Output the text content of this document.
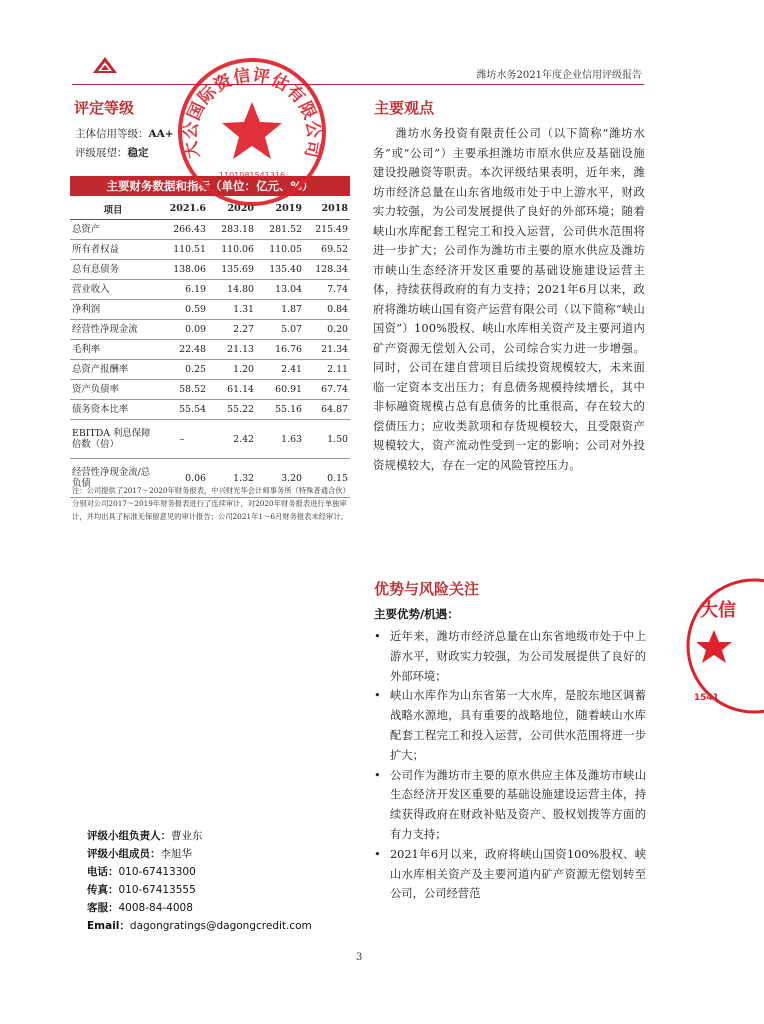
潍坊水务2021年度企业信用评级报告
评定等级
主体信用等级：AA+
评级展望：稳定
主要财务数据和指标（单位：亿元、%）
项目	2021.6	2020	2019	2018
总资产	266.43	283.18	281.52	215.49
所有者权益	110.51	110.06	110.05	69.52
总有息债务	138.06	135.69	135.40	128.34
营业收入	6.19	14.80	13.04	7.74
净利润	0.59	1.31	1.87	0.84
经营性净现金流	0.09	2.27	5.07	0.20
毛利率	22.48	21.13	16.76	21.34
总资产报酬率	0.25	1.20	2.41	2.11
资产负债率	58.52	61.14	60.91	67.74
债务资本比率	55.54	55.22	55.16	64.87
EBITDA 利息保障倍数（倍）	–	2.42	1.63	1.50
经营性净现金流/总负债	0.06	1.32	3.20	0.15
注：公司提供了2017～2020年财务报表，中兴财光华会计师事务所（特殊普通合伙）分别对公司2017～2019年财务报表进行了连续审计，对2020年财务报表进行单独审计，并均出具了标准无保留意见的审计报告；公司2021年1～6月财务报表未经审计。
评级小组负责人：曹业东
评级小组成员：李旭华
电话：010-67413300
传真：010-67413555
客服：4008-84-4008
Email：dagongratings@dagongcredit.com
主要观点
潍坊水务投资有限责任公司（以下简称“潍坊水务”或“公司”）主要承担潍坊市原水供应及基础设施建设投融资等职责。本次评级结果表明，近年来，潍坊市经济总量在山东省地级市处于中上游水平，财政实力较强，为公司发展提供了良好的外部环境；随着峡山水库配套工程完工和投入运营，公司供水范围将进一步扩大；公司作为潍坊市主要的原水供应及潍坊市峡山生态经济开发区重要的基础设施建设运营主体，持续获得政府的有力支持；2021年6月以来，政府将潍坊峡山国有资产运营有限公司（以下简称“峡山国资”）100%股权、峡山水库相关资产及主要河道内矿产资源无偿划入公司，公司综合实力进一步增强。同时，公司在建自营项目后续投资规模较大，未来面临一定资本支出压力；有息债务规模持续增长，其中非标融资规模占总有息债务的比重很高，存在较大的偿债压力；应收类款项和存货规模较大，且受限资产规模较大，资产流动性受到一定的影响；公司对外投资规模较大，存在一定的风险管控压力。
优势与风险关注
主要优势/机遇：
• 近年来，潍坊市经济总量在山东省地级市处于中上游水平，财政实力较强，为公司发展提供了良好的外部环境；
• 峡山水库作为山东省第一大水库，是胶东地区调蓄战略水源地，具有重要的战略地位，随着峡山水库配套工程完工和投入运营，公司供水范围将进一步扩大；
• 公司作为潍坊市主要的原水供应主体及潍坊市峡山生态经济开发区重要的基础设施建设运营主体，持续获得政府在财政补贴及资产、股权划拨等方面的有力支持；
• 2021年6月以来，政府将峡山国资100%股权、峡山水库相关资产及主要河道内矿产资源无偿划转至公司，公司经营范
3
大公国际资信评估有限公司
1101081541316
大信
1541
